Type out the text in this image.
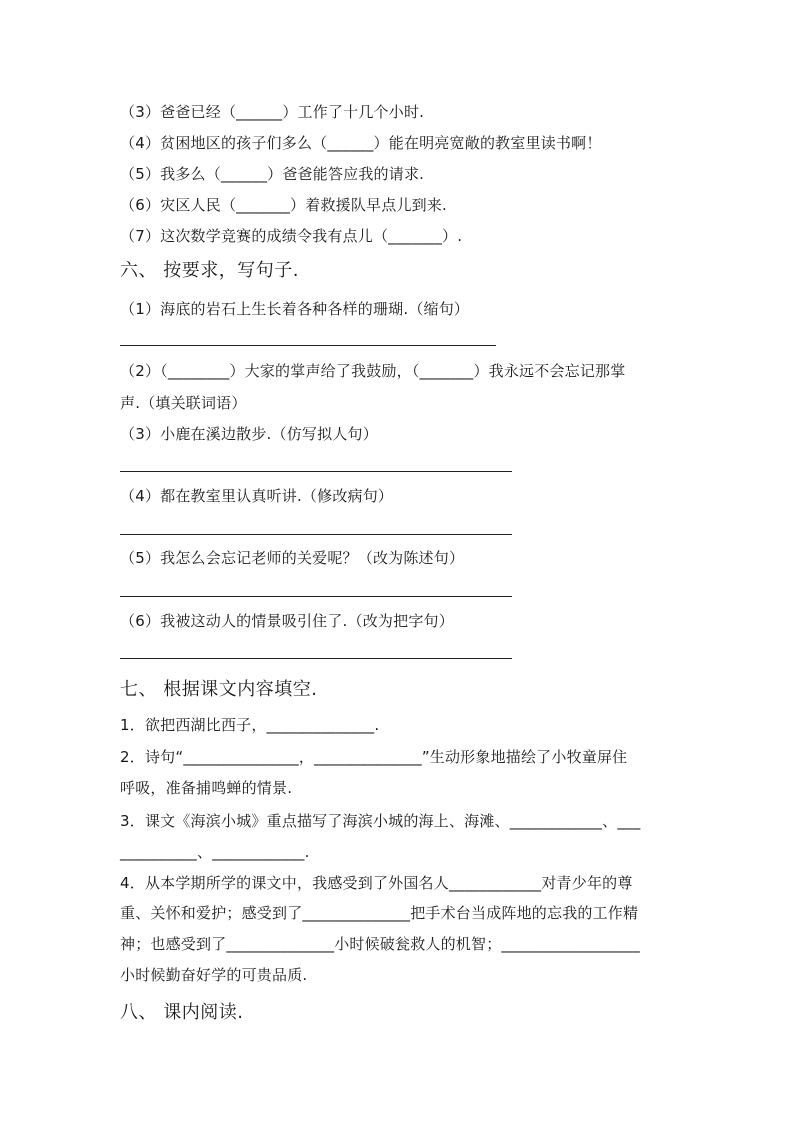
（3）爸爸已经（______）工作了十几个小时.
（4）贫困地区的孩子们多么（______）能在明亮宽敞的教室里读书啊！
（5）我多么（______）爸爸能答应我的请求.
（6）灾区人民（_______）着救援队早点儿到来.
（7）这次数学竞赛的成绩令我有点儿（_______）.
六、 按要求，写句子.
（1）海底的岩石上生长着各种各样的珊瑚.（缩句）
（2）（________）大家的掌声给了我鼓励，（_______）我永远不会忘记那掌
声.（填关联词语）
（3）小鹿在溪边散步.（仿写拟人句）
（4）都在教室里认真听讲.（修改病句）
（5）我怎么会忘记老师的关爱呢？（改为陈述句）
（6）我被这动人的情景吸引住了.（改为把字句）
七、 根据课文内容填空.
1．欲把西湖比西子，______________.
2．诗句“_______________，______________”生动形象地描绘了小牧童屏住
呼吸，准备捕鸣蝉的情景.
3．课文《海滨小城》重点描写了海滨小城的海上、海滩、____________、___
__________、____________.
4．从本学期所学的课文中，我感受到了外国名人____________对青少年的尊
重、关怀和爱护；感受到了______________把手术台当成阵地的忘我的工作精
神；也感受到了______________小时候破瓮救人的机智；__________________
小时候勤奋好学的可贵品质.
八、 课内阅读.
